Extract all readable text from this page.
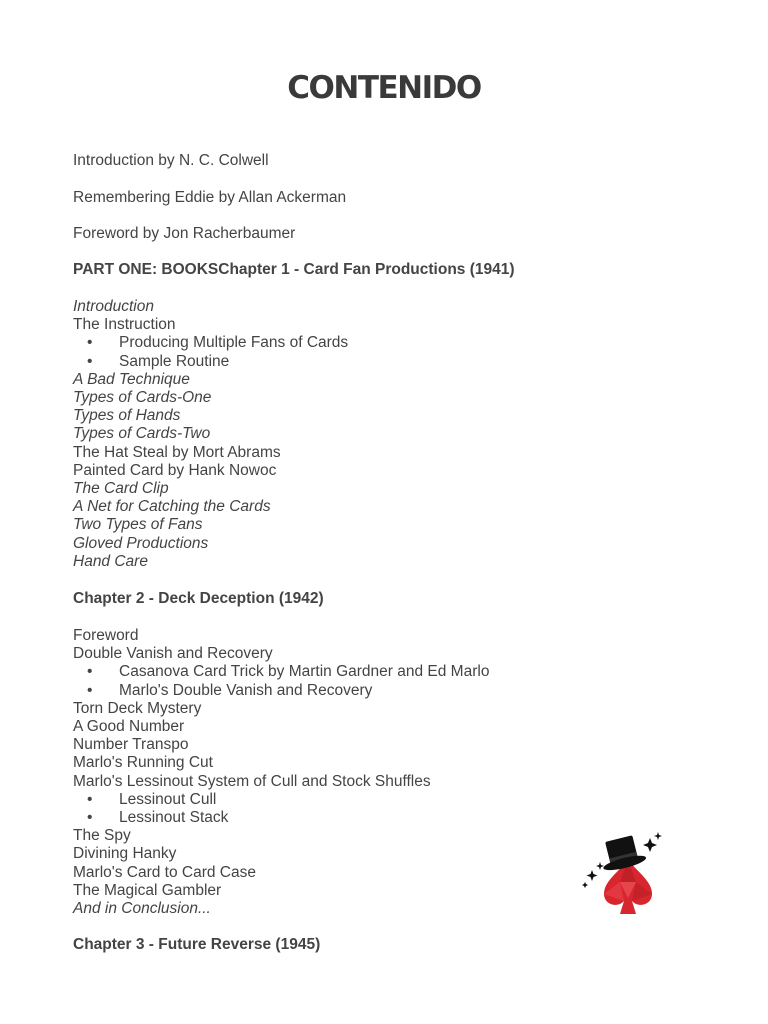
CONTENIDO
Introduction by N. C. Colwell
Remembering Eddie by Allan Ackerman
Foreword by Jon Racherbaumer
PART ONE: BOOKSChapter 1 - Card Fan Productions (1941)
Introduction
The Instruction
• Producing Multiple Fans of Cards
• Sample Routine
A Bad Technique
Types of Cards-One
Types of Hands
Types of Cards-Two
The Hat Steal by Mort Abrams
Painted Card by Hank Nowoc
The Card Clip
A Net for Catching the Cards
Two Types of Fans
Gloved Productions
Hand Care
Chapter 2 - Deck Deception (1942)
Foreword
Double Vanish and Recovery
• Casanova Card Trick by Martin Gardner and Ed Marlo
• Marlo's Double Vanish and Recovery
Torn Deck Mystery
A Good Number
Number Transpo
Marlo's Running Cut
Marlo's Lessinout System of Cull and Stock Shuffles
• Lessinout Cull
• Lessinout Stack
The Spy
Divining Hanky
Marlo's Card to Card Case
The Magical Gambler
And in Conclusion...
Chapter 3 - Future Reverse (1945)
